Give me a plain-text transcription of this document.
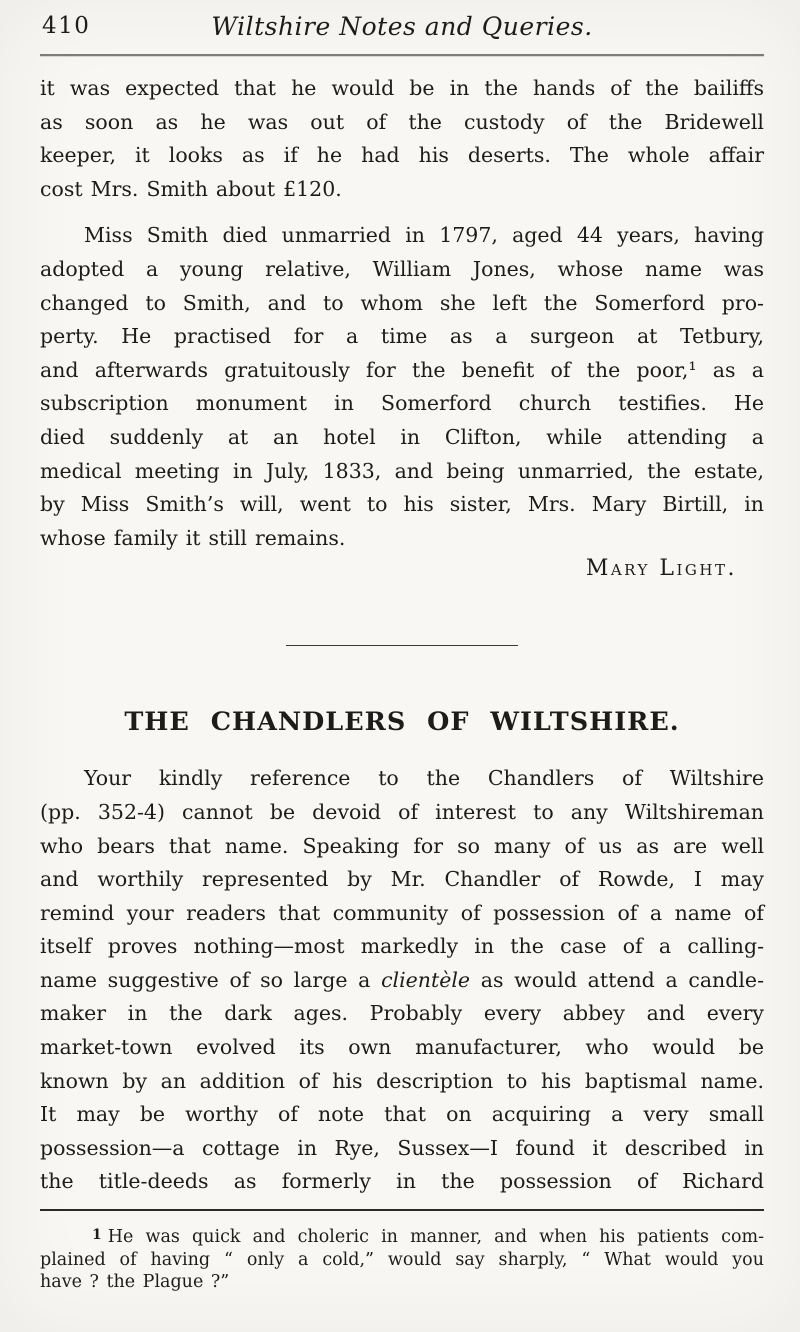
410	Wiltshire Notes and Queries.
it was expected that he would be in the hands of the bailiffs
as soon as he was out of the custody of the Bridewell
keeper, it looks as if he had his deserts. The whole affair
cost Mrs. Smith about £120.
Miss Smith died unmarried in 1797, aged 44 years, having
adopted a young relative, William Jones, whose name was
changed to Smith, and to whom she left the Somerford pro-
perty. He practised for a time as a surgeon at Tetbury,
and afterwards gratuitously for the benefit of the poor,¹ as a
subscription monument in Somerford church testifies. He
died suddenly at an hotel in Clifton, while attending a
medical meeting in July, 1833, and being unmarried, the estate,
by Miss Smith’s will, went to his sister, Mrs. Mary Birtill, in
whose family it still remains.
Mary Light.
THE CHANDLERS OF WILTSHIRE.
Your kindly reference to the Chandlers of Wiltshire
(pp. 352-4) cannot be devoid of interest to any Wiltshireman
who bears that name. Speaking for so many of us as are well
and worthily represented by Mr. Chandler of Rowde, I may
remind your readers that community of possession of a name of
itself proves nothing—most markedly in the case of a calling-
name suggestive of so large a clientèle as would attend a candle-
maker in the dark ages. Probably every abbey and every
market-town evolved its own manufacturer, who would be
known by an addition of his description to his baptismal name.
It may be worthy of note that on acquiring a very small
possession—a cottage in Rye, Sussex—I found it described in
the title-deeds as formerly in the possession of Richard
1 He was quick and choleric in manner, and when his patients com-
plained of having “ only a cold,” would say sharply, “ What would you
have ? the Plague ?”
